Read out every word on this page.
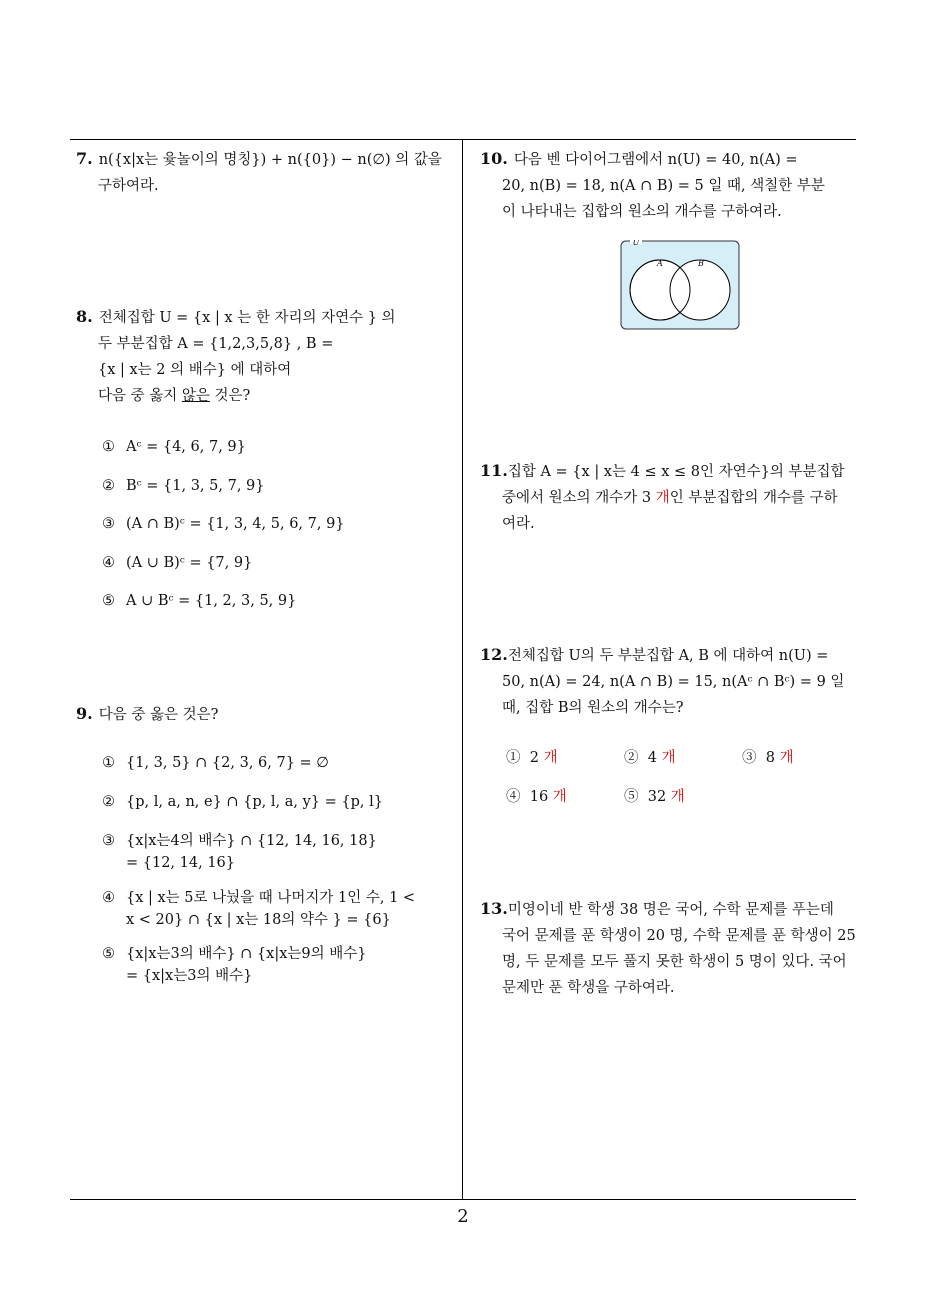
7. n({x|x는 윷놀이의 명칭}) + n({0}) − n(∅) 의 값을
구하여라.
8. 전체집합 U = {x | x 는 한 자리의 자연수 } 의
두 부분집합 A = {1,2,3,5,8} , B =
{x | x는 2 의 배수} 에 대하여
다음 중 옳지 않은 것은?
① Aᶜ = {4, 6, 7, 9}
② Bᶜ = {1, 3, 5, 7, 9}
③ (A ∩ B)ᶜ = {1, 3, 4, 5, 6, 7, 9}
④ (A ∪ B)ᶜ = {7, 9}
⑤ A ∪ Bᶜ = {1, 2, 3, 5, 9}
9. 다음 중 옳은 것은?
① {1, 3, 5} ∩ {2, 3, 6, 7} = ∅
② {p, l, a, n, e} ∩ {p, l, a, y} = {p, l}
③ {x|x는4의 배수} ∩ {12, 14, 16, 18}
= {12, 14, 16}
④ {x | x는 5로 나눴을 때 나머지가 1인 수, 1 <
x < 20} ∩ {x | x는 18의 약수 } = {6}
⑤ {x|x는3의 배수} ∩ {x|x는9의 배수}
= {x|x는3의 배수}
10. 다음 벤 다이어그램에서 n(U) = 40, n(A) =
20, n(B) = 18, n(A ∩ B) = 5 일 때, 색칠한 부분
이 나타내는 집합의 원소의 개수를 구하여라.
U
A	B
11.집합 A = {x | x는 4 ≤ x ≤ 8인 자연수}의 부분집합
중에서 원소의 개수가 3 개인 부분집합의 개수를 구하
여라.
12.전체집합 U의 두 부분집합 A, B 에 대하여 n(U) =
50, n(A) = 24, n(A ∩ B) = 15, n(Aᶜ ∩ Bᶜ) = 9 일
때, 집합 B의 원소의 개수는?
① 2 개	② 4 개	③ 8 개
④ 16 개	⑤ 32 개
13.미영이네 반 학생 38 명은 국어, 수학 문제를 푸는데
국어 문제를 푼 학생이 20 명, 수학 문제를 푼 학생이 25
명, 두 문제를 모두 풀지 못한 학생이 5 명이 있다. 국어
문제만 푼 학생을 구하여라.
2
